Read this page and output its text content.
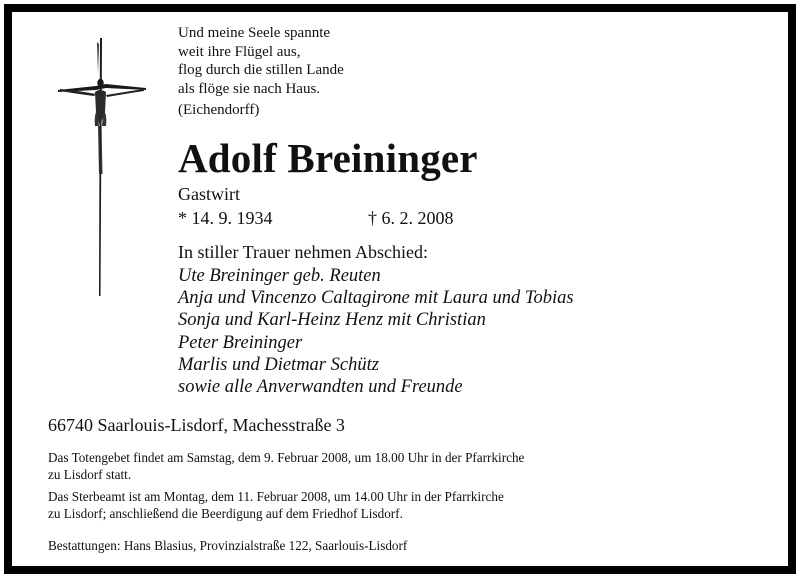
Und meine Seele spannte
weit ihre Flügel aus,
flog durch die stillen Lande
als flöge sie nach Haus.
(Eichendorff)
Adolf Breininger
Gastwirt
* 14. 9. 1934	† 6. 2. 2008
In stiller Trauer nehmen Abschied:
Ute Breininger geb. Reuten
Anja und Vincenzo Caltagirone mit Laura und Tobias
Sonja und Karl-Heinz Henz mit Christian
Peter Breininger
Marlis und Dietmar Schütz
sowie alle Anverwandten und Freunde
66740 Saarlouis-Lisdorf, Machesstraße 3
Das Totengebet findet am Samstag, dem 9. Februar 2008, um 18.00 Uhr in der Pfarrkirche
zu Lisdorf statt.
Das Sterbeamt ist am Montag, dem 11. Februar 2008, um 14.00 Uhr in der Pfarrkirche
zu Lisdorf; anschließend die Beerdigung auf dem Friedhof Lisdorf.
Bestattungen: Hans Blasius, Provinzialstraße 122, Saarlouis-Lisdorf
